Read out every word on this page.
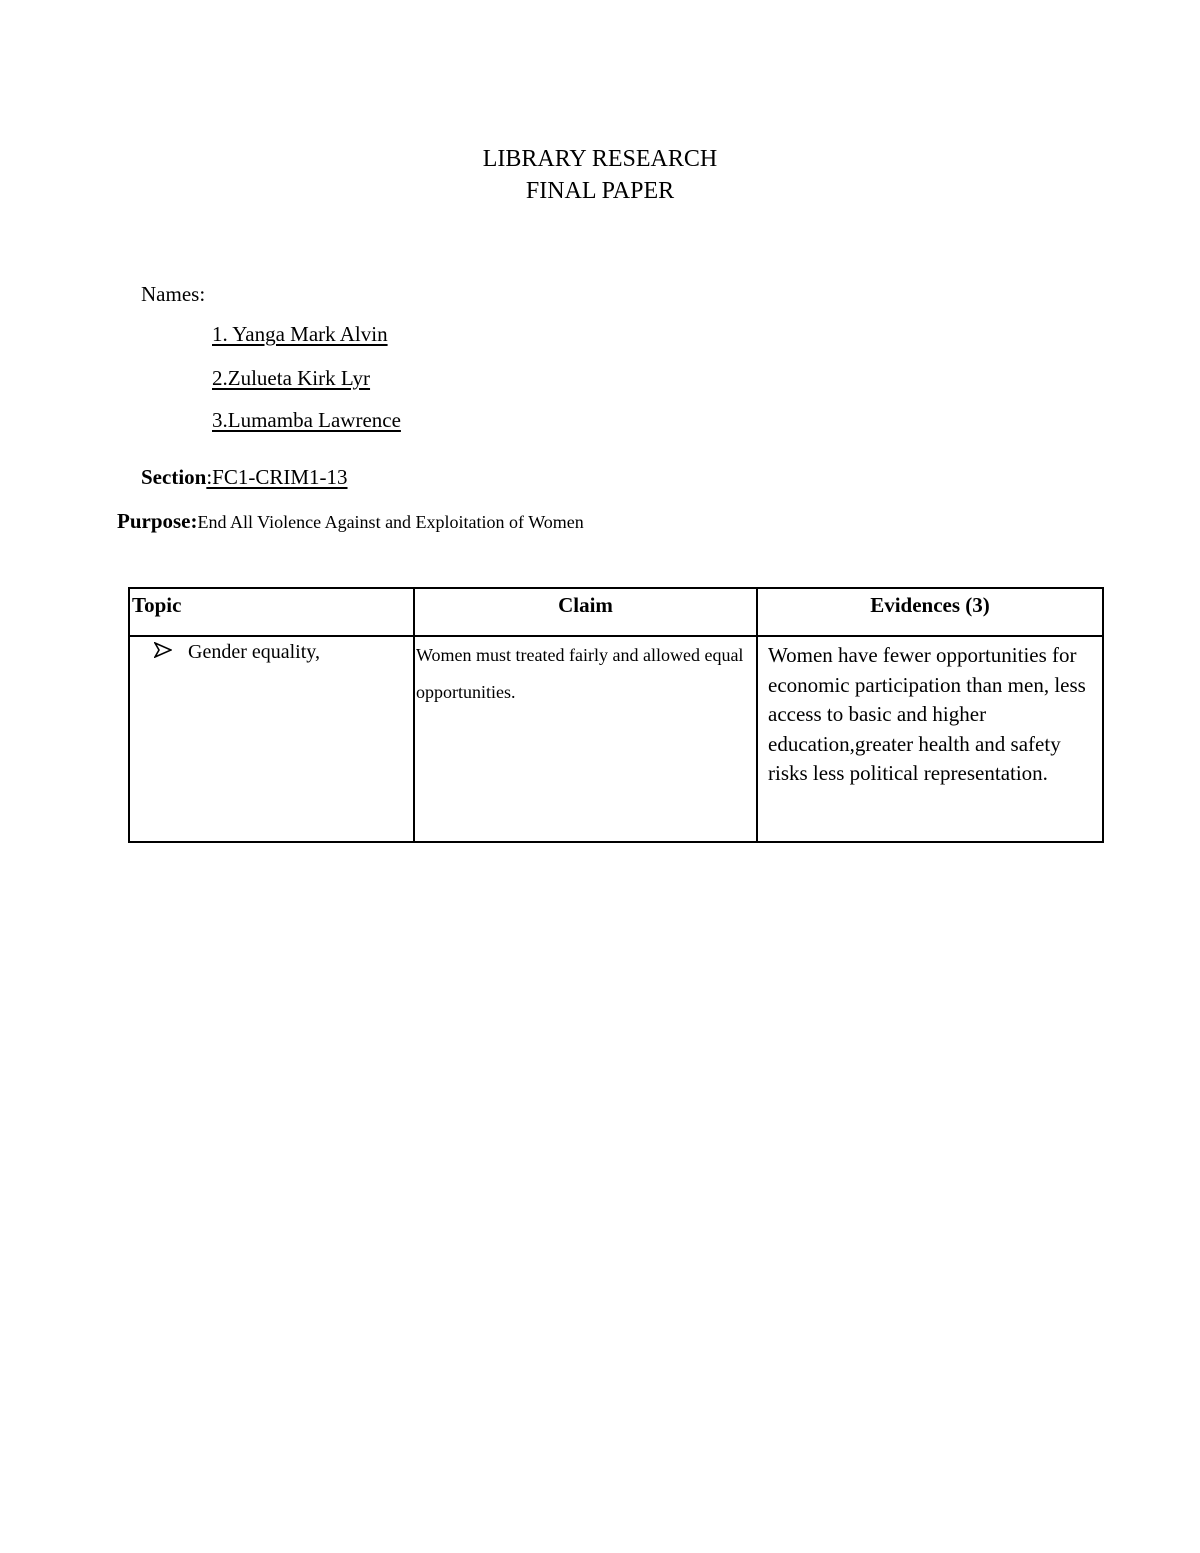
LIBRARY RESEARCH
FINAL PAPER
Names:
1. Yanga Mark Alvin
2.Zulueta Kirk Lyr
3.Lumamba Lawrence
Section:FC1-CRIM1-13
Purpose:End All Violence Against and Exploitation of Women
Topic	Claim	Evidences (3)
Gender equality,	Women must treated fairly and allowed equal opportunities.	Women have fewer opportunities for economic participation than men, less access to basic and higher education,greater health and safety risks less political representation.
